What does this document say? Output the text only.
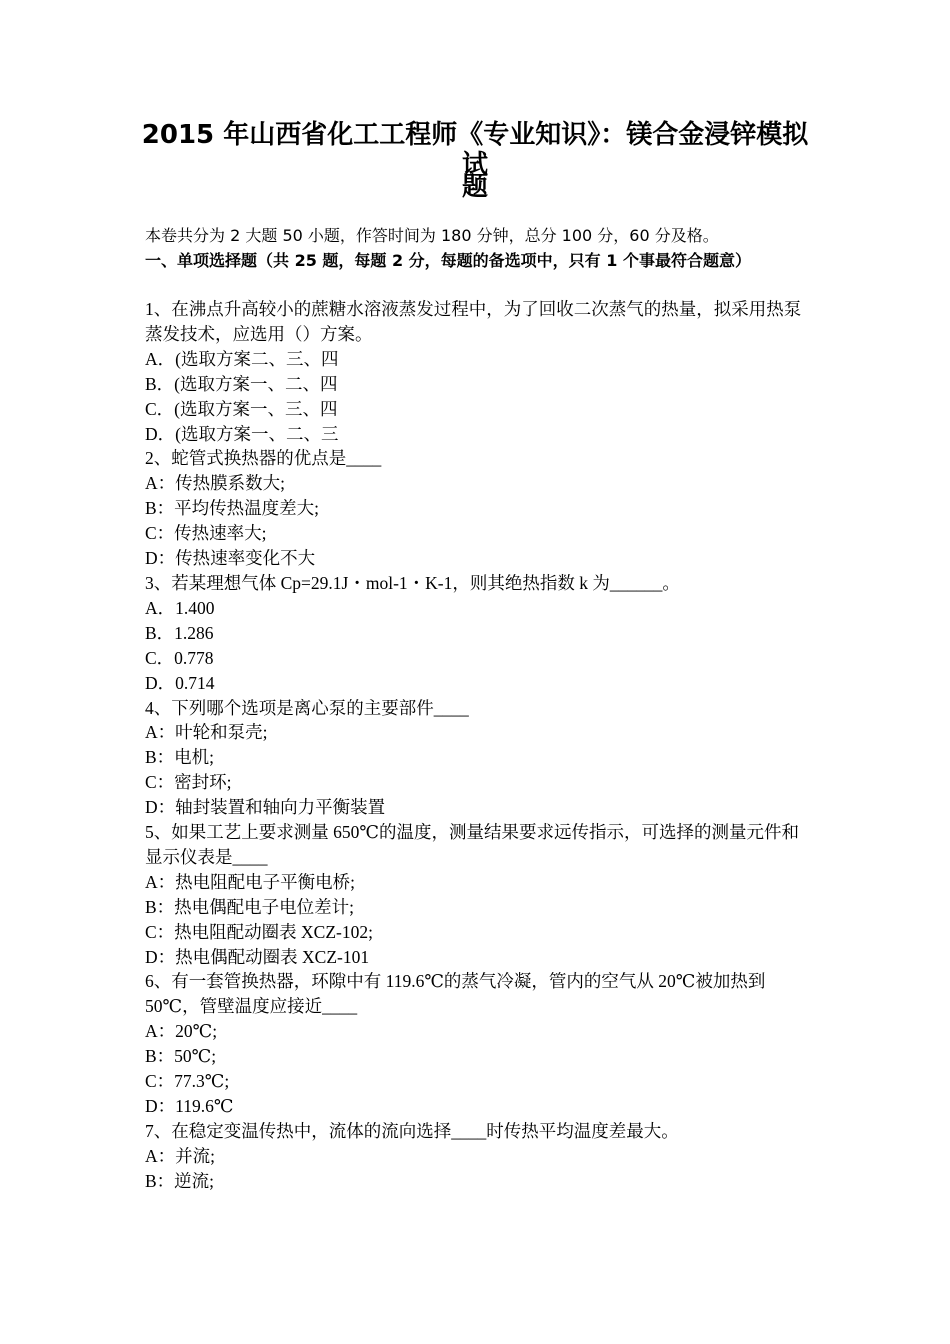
2015 年山西省化工工程师《专业知识》：镁合金浸锌模拟试
题

本卷共分为 2 大题 50 小题，作答时间为 180 分钟，总分 100 分，60 分及格。

一、单项选择题（共 25 题，每题 2 分，每题的备选项中，只有 1 个事最符合题意）

1、在沸点升高较小的蔗糖水溶液蒸发过程中，为了回收二次蒸气的热量，拟采用热泵蒸发技术，应选用（）方案。

A．(选取方案二、三、四

B．(选取方案一、二、四

C．(选取方案一、三、四

D．(选取方案一、二、三

2、蛇管式换热器的优点是____

A：传热膜系数大;

B：平均传热温度差大;

C：传热速率大;

D：传热速率变化不大

3、若某理想气体 Cp=29.1J・mol-1・K-1，则其绝热指数 k 为______。

A．1.400

B．1.286

C．0.778

D．0.714

4、下列哪个选项是离心泵的主要部件____

A：叶轮和泵壳;

B：电机;

C：密封环;

D：轴封装置和轴向力平衡装置

5、如果工艺上要求测量 650℃的温度，测量结果要求远传指示，可选择的测量元件和显示仪表是____

A：热电阻配电子平衡电桥;

B：热电偶配电子电位差计;

C：热电阻配动圈表 XCZ-102;

D：热电偶配动圈表 XCZ-101

6、有一套管换热器，环隙中有 119.6℃的蒸气冷凝，管内的空气从 20℃被加热到 50℃，管壁温度应接近____

A：20℃;

B：50℃;

C：77.3℃;

D：119.6℃

7、在稳定变温传热中，流体的流向选择____时传热平均温度差最大。

A：并流;

B：逆流;
